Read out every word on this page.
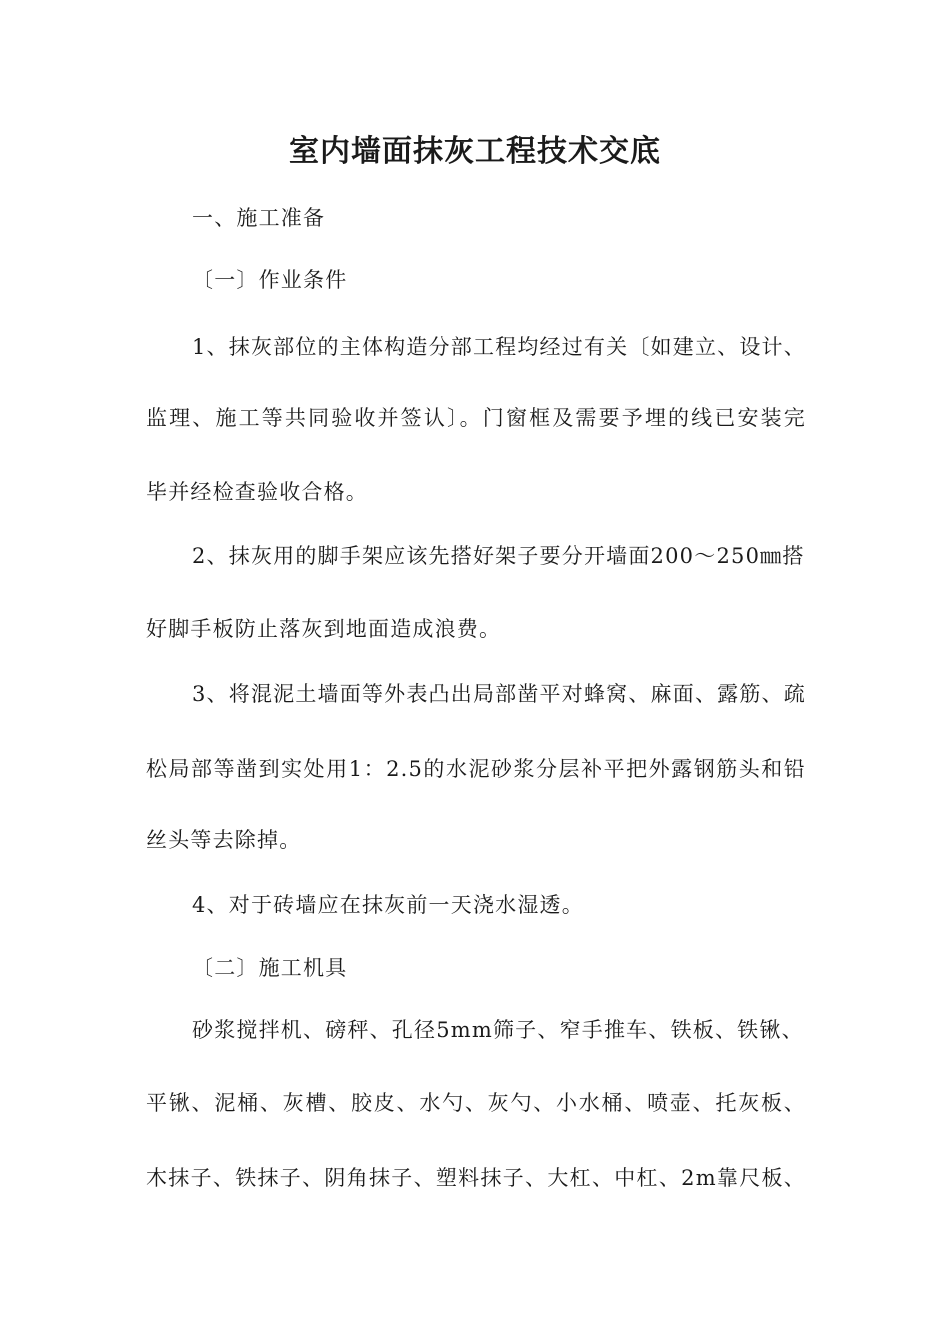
室内墙面抹灰工程技术交底
一、施工准备
〔一〕作业条件
1、抹灰部位的主体构造分部工程均经过有关〔如建立、设计、
监理、施工等共同验收并签认〕。门窗框及需要予埋的线已安装完
毕并经检查验收合格。
2、抹灰用的脚手架应该先搭好架子要分开墙面200～250㎜搭
好脚手板防止落灰到地面造成浪费。
3、将混泥土墙面等外表凸出局部凿平对蜂窝、麻面、露筋、疏
松局部等凿到实处用1：2.5的水泥砂浆分层补平把外露钢筋头和铅
丝头等去除掉。
4、对于砖墙应在抹灰前一天浇水湿透。
〔二〕施工机具
砂浆搅拌机、磅秤、孔径5mm筛子、窄手推车、铁板、铁锹、
平锹、泥桶、灰槽、胶皮、水勺、灰勺、小水桶、喷壶、托灰板、
木抹子、铁抹子、阴角抹子、塑料抹子、大杠、中杠、2m靠尺板、
